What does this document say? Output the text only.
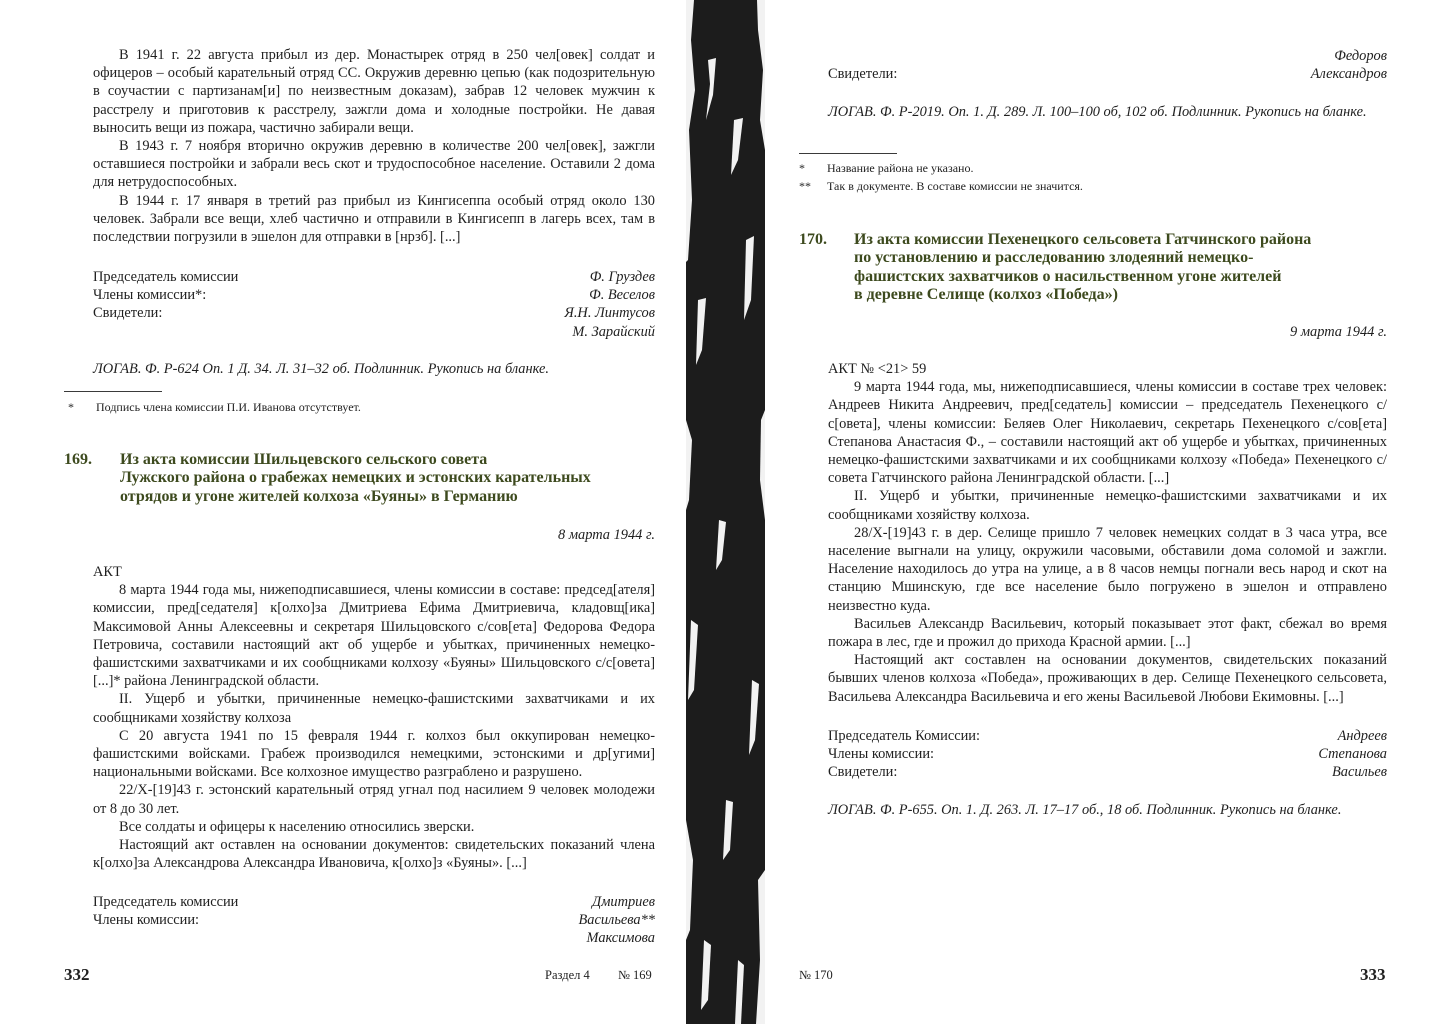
В 1941 г. 22 августа прибыл из дер. Монастырек отряд в 250 чел[овек] солдат и офицеров – особый карательный отряд СС. Окружив деревню цепью (как подозрительную в соучастии с партизанам[и] по неизвестным доказам), забрав 12 человек мужчин к расстрелу и приготовив к расстрелу, зажгли дома и холодные постройки. Не давая выносить вещи из пожара, частично забирали вещи.

В 1943 г. 7 ноября вторично окружив деревню в количестве 200 чел[овек], зажгли оставшиеся постройки и забрали весь скот и трудоспособное население. Оставили 2 дома для нетрудоспособных.

В 1944 г. 17 января в третий раз прибыл из Кингисеппа особый отряд около 130 человек. Забрали все вещи, хлеб частично и отправили в Кингисепп в лагерь всех, там в последствии погрузили в эшелон для отправки в [нрзб]. [...]

Председатель комиссии	Ф. Груздев
Члены комиссии*:	Ф. Веселов
Свидетели:	Я.Н. Линтусов
М. Зарайский
ЛОГАВ. Ф. Р-624 Оп. 1 Д. 34. Л. 31–32 об. Подлинник. Рукопись на бланке.
* Подпись члена комиссии П.И. Иванова отсутствует.
169. Из акта комиссии Шильцевского сельского совета
Лужского района о грабежах немецких и эстонских карательных
отрядов и угоне жителей колхоза «Буяны» в Германию
8 марта 1944 г.

АКТ

8 марта 1944 года мы, нижеподписавшиеся, члены комиссии в составе: председ[ателя] комиссии, пред[седателя] к[олхо]за Дмитриева Ефима Дмитриевича, кладовщ[ика] Максимовой Анны Алексеевны и секретаря Шильцовского с/сов[ета] Федорова Федора Петровича, составили настоящий акт об ущербе и убытках, причиненных немецко-фашистскими захватчиками и их сообщниками колхозу «Буяны» Шильцовского с/с[овета] [...]* района Ленинградской области.

II. Ущерб и убытки, причиненные немецко-фашистскими захватчиками и их сообщниками хозяйству колхоза

С 20 августа 1941 по 15 февраля 1944 г. колхоз был оккупирован немецко-фашистскими войсками. Грабеж производился немецкими, эстонскими и др[угими] национальными войсками. Все колхозное имущество разграблено и разрушено.

22/X-[19]43 г. эстонский карательный отряд угнал под насилием 9 человек молодежи от 8 до 30 лет.

Все солдаты и офицеры к населению относились зверски.

Настоящий акт оставлен на основании документов: свидетельских показаний члена к[олхо]за Александрова Александра Ивановича, к[олхо]з «Буяны». [...]

Председатель комиссии	Дмитриев
Члены комиссии:	Васильева**
Максимова
332	Раздел 4 № 169
Федоров
Свидетели:	Александров
ЛОГАВ. Ф. Р-2019. Оп. 1. Д. 289. Л. 100–100 об, 102 об. Подлинник. Рукопись на бланке.
* Название района не указано.
** Так в документе. В составе комиссии не значится.
170. Из акта комиссии Пехенецкого сельсовета Гатчинского района
по установлению и расследованию злодеяний немецко-
фашистских захватчиков о насильственном угоне жителей
в деревне Селище (колхоз «Победа»)
9 марта 1944 г.

АКТ № <21> 59

9 марта 1944 года, мы, нижеподписавшиеся, члены комиссии в составе трех человек: Андреев Никита Андреевич, пред[седатель] комиссии – председатель Пехенецкого с/с[овета], члены комиссии: Беляев Олег Николаевич, секретарь Пехенецкого с/сов[ета] Степанова Анастасия Ф., – составили настоящий акт об ущербе и убытках, причиненных немецко-фашистскими захватчиками и их сообщниками колхозу «Победа» Пехенецкого с/совета Гатчинского района Ленинградской области. [...]

II. Ущерб и убытки, причиненные немецко-фашистскими захватчиками и их сообщниками хозяйству колхоза.

28/X-[19]43 г. в дер. Селище пришло 7 человек немецких солдат в 3 часа утра, все население выгнали на улицу, окружили часовыми, обставили дома соломой и зажгли. Население находилось до утра на улице, а в 8 часов немцы погнали весь народ и скот на станцию Мшинскую, где все население было погружено в эшелон и отправлено неизвестно куда.

Васильев Александр Васильевич, который показывает этот факт, сбежал во время пожара в лес, где и прожил до прихода Красной армии. [...]

Настоящий акт составлен на основании документов, свидетельских показаний бывших членов колхоза «Победа», проживающих в дер. Селище Пехенецкого сельсовета, Васильева Александра Васильевича и его жены Васильевой Любови Екимовны. [...]

Председатель Комиссии:	Андреев
Члены комиссии:	Степанова
Свидетели:	Васильев
ЛОГАВ. Ф. Р-655. Оп. 1. Д. 263. Л. 17–17 об., 18 об. Подлинник. Рукопись на бланке.
№ 170	333
